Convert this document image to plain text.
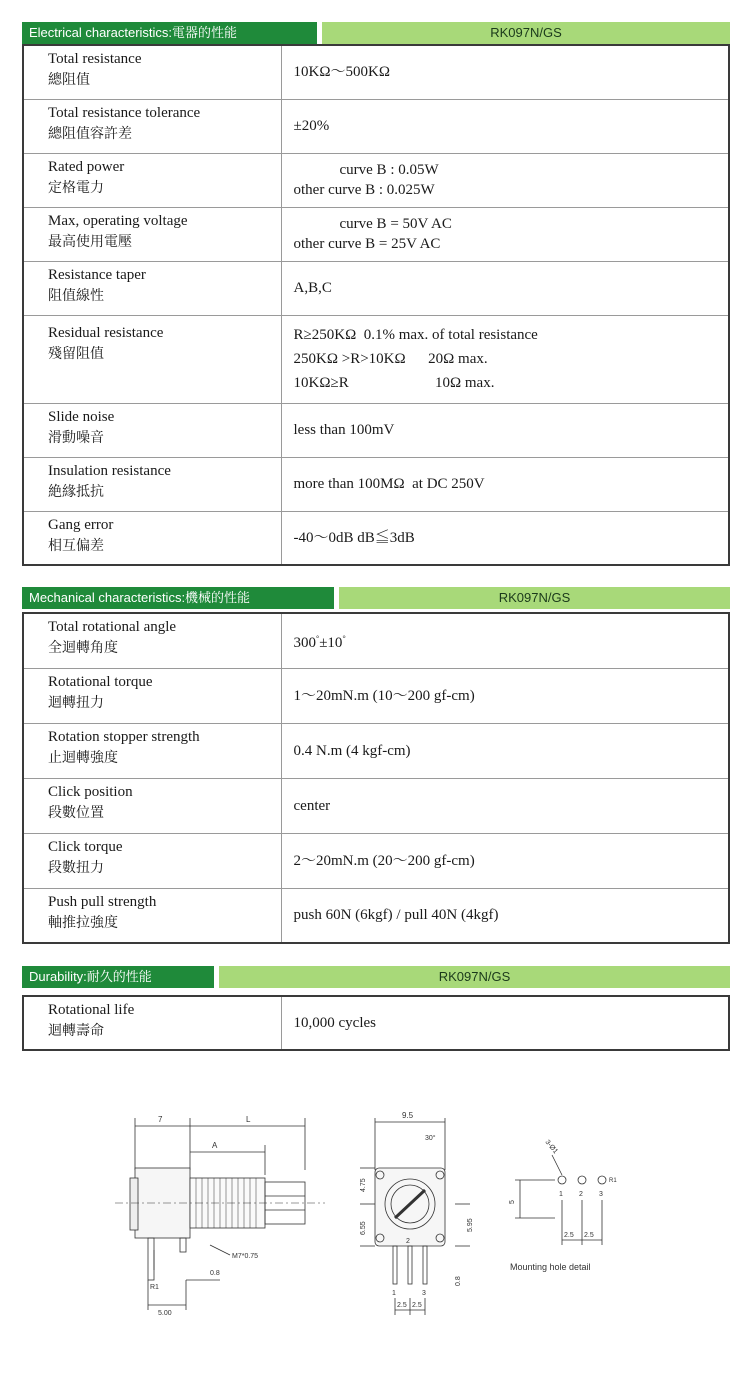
Electrical characteristics:電器的性能	RK097N/GS
Total resistance
總阻值	10KΩ～500KΩ

Total resistance tolerance
總阻值容許差	±20%

Rated power
定格電力	curve B : 0.05W
other curve B : 0.025W

Max, operating voltage
最高使用電壓	curve B = 50V AC
other curve B = 25V AC

Resistance taper
阻值線性	A,B,C

Residual resistance
殘留阻值	R≥250KΩ  0.1% max. of total resistance
250KΩ >R>10KΩ      20Ω max.
10KΩ≥R                       10Ω max.

Slide noise
滑動噪音	less than 100mV

Insulation resistance
絶緣抵抗	more than 100MΩ  at DC 250V

Gang error
相互偏差	-40～0dB dB≦3dB
Mechanical characteristics:機械的性能	RK097N/GS
Total rotational angle
全迴轉角度	300°±10°

Rotational torque
迴轉扭力	1～20mN.m (10～200 gf-cm)

Rotation stopper strength
止迴轉強度	0.4 N.m (4 kgf-cm)

Click position
段數位置	center

Click torque
段數扭力	2～20mN.m (20～200 gf-cm)

Push pull strength
軸推拉強度	push 60N (6kgf) / pull 40N (4kgf)
Durability:耐久的性能	RK097N/GS
Rotational life
迴轉壽命	10,000 cycles
7	L
A
R1
0.8
5.00
M7*0.75
9.5
30°
4.75
6.55	5.95
2
1	3
2.5 2.5
0.8
3-Ø1
R1
1 2 3
5
2.5 2.5
Mounting hole detail
